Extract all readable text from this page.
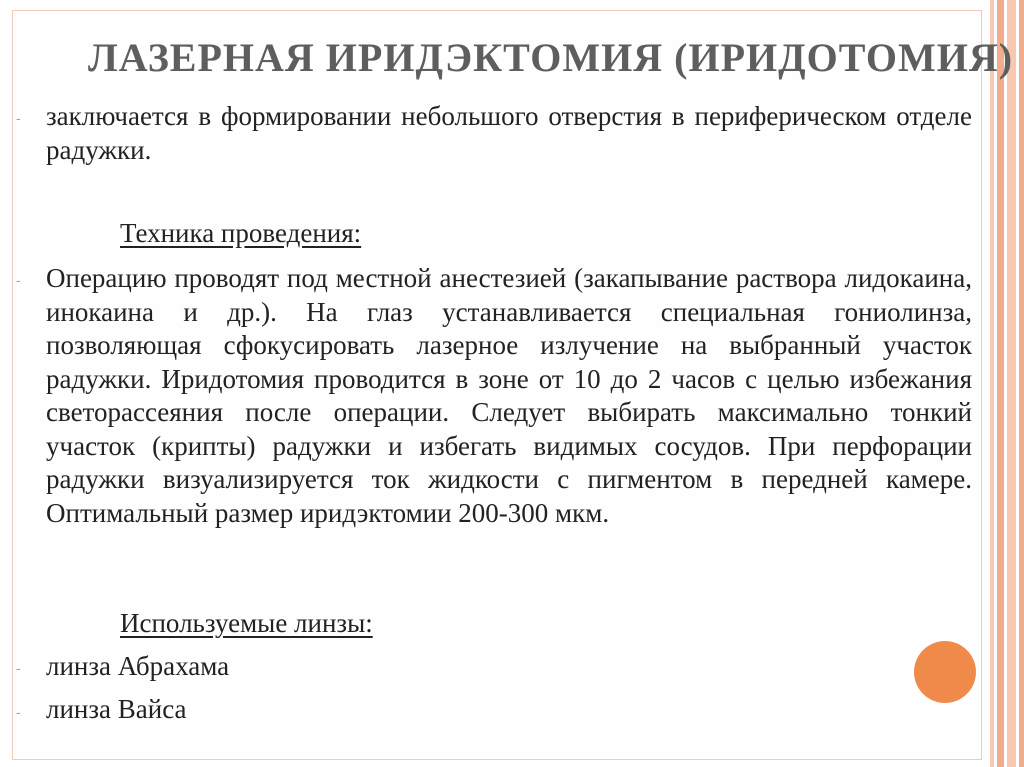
ЛАЗЕРНАЯ ИРИДЭКТОМИЯ (ИРИДОТОМИЯ)
- заключается в формировании небольшого отверстия в периферическом отделе радужки.
Техника проведения:
- Операцию проводят под местной анестезией (закапывание раствора лидокаина, инокаина и др.). На глаз устанавливается специальная гониолинза, позволяющая сфокусировать лазерное излучение на выбранный участок радужки. Иридотомия проводится в зоне от 10 до 2 часов с целью избежания светорассеяния после операции. Следует выбирать максимально тонкий участок (крипты) радужки и избегать видимых сосудов. При перфорации радужки визуализируется ток жидкости с пигментом в передней камере. Оптимальный размер иридэктомии 200-300 мкм.
Используемые линзы:
- линза Абрахама
- линза Вайса
